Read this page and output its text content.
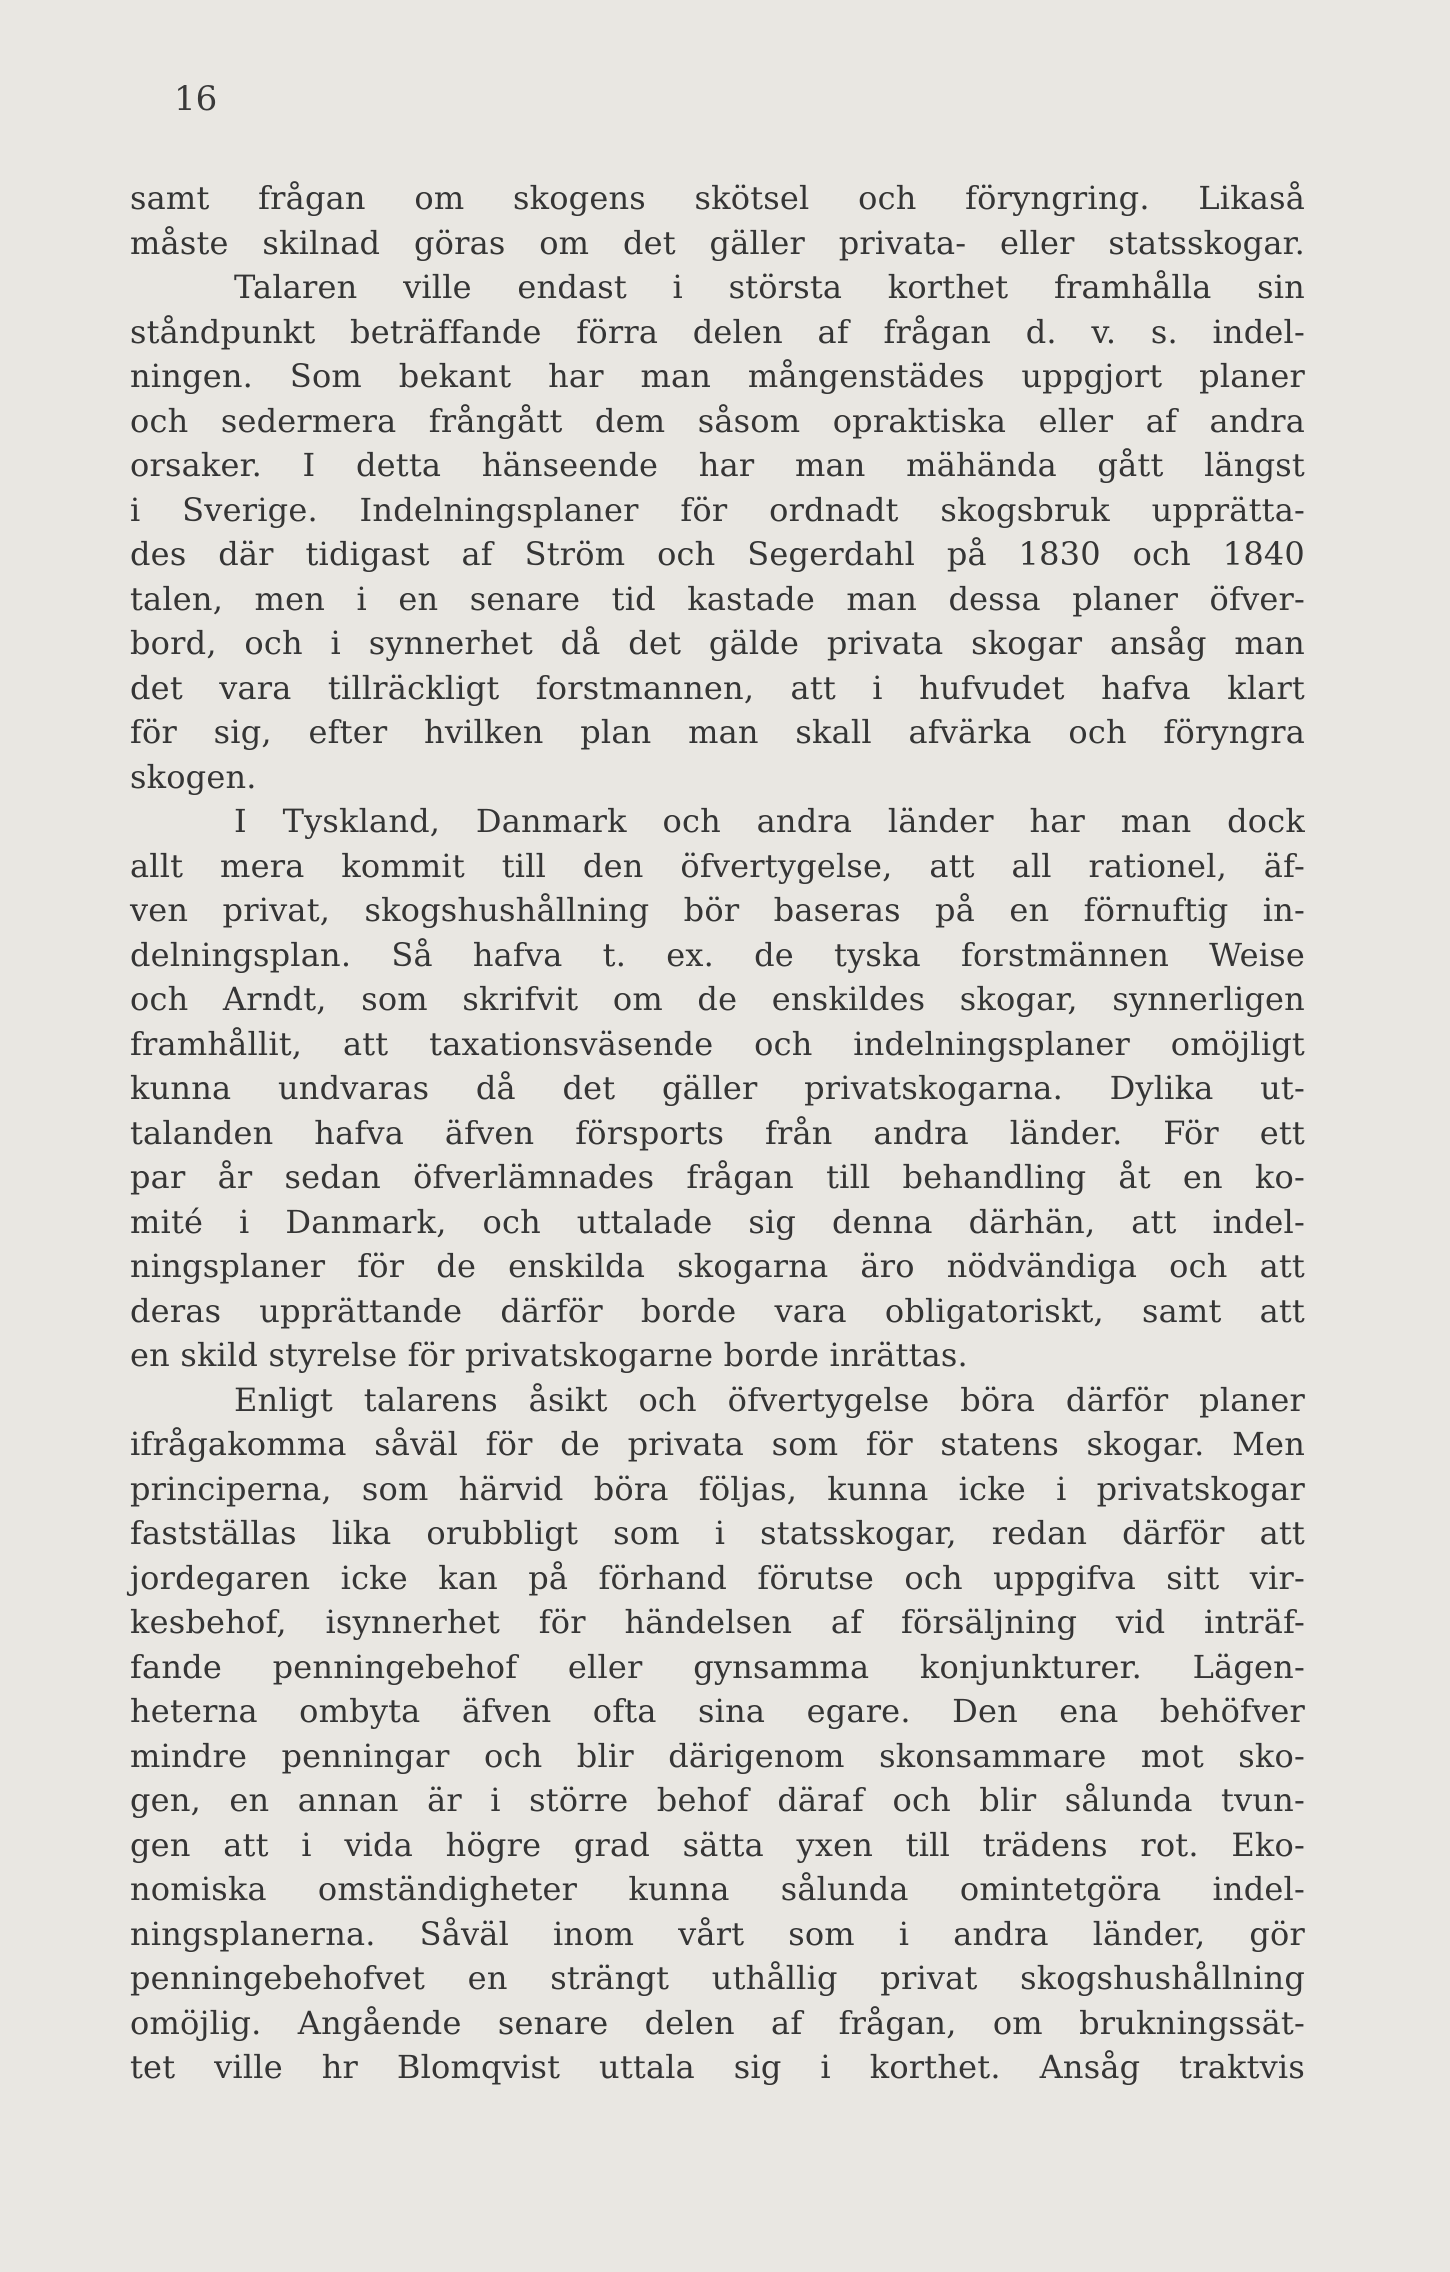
16
samt frågan om skogens skötsel och föryngring. Likaså
måste skilnad göras om det gäller privata- eller statsskogar.
Talaren ville endast i största korthet framhålla sin
ståndpunkt beträffande förra delen af frågan d. v. s. indel-
ningen. Som bekant har man mångenstädes uppgjort planer
och sedermera frångått dem såsom opraktiska eller af andra
orsaker. I detta hänseende har man mähända gått längst
i Sverige. Indelningsplaner för ordnadt skogsbruk upprätta-
des där tidigast af Ström och Segerdahl på 1830 och 1840
talen, men i en senare tid kastade man dessa planer öfver-
bord, och i synnerhet då det gälde privata skogar ansåg man
det vara tillräckligt forstmannen, att i hufvudet hafva klart
för sig, efter hvilken plan man skall afvärka och föryngra
skogen.
I Tyskland, Danmark och andra länder har man dock
allt mera kommit till den öfvertygelse, att all rationel, äf-
ven privat, skogshushållning bör baseras på en förnuftig in-
delningsplan. Så hafva t. ex. de tyska forstmännen Weise
och Arndt, som skrifvit om de enskildes skogar, synnerligen
framhållit, att taxationsväsende och indelningsplaner omöjligt
kunna undvaras då det gäller privatskogarna. Dylika ut-
talanden hafva äfven försports från andra länder. För ett
par år sedan öfverlämnades frågan till behandling åt en ko-
mité i Danmark, och uttalade sig denna därhän, att indel-
ningsplaner för de enskilda skogarna äro nödvändiga och att
deras upprättande därför borde vara obligatoriskt, samt att
en skild styrelse för privatskogarne borde inrättas.
Enligt talarens åsikt och öfvertygelse böra därför planer
ifrågakomma såväl för de privata som för statens skogar. Men
principerna, som härvid böra följas, kunna icke i privatskogar
fastställas lika orubbligt som i statsskogar, redan därför att
jordegaren icke kan på förhand förutse och uppgifva sitt vir-
kesbehof, isynnerhet för händelsen af försäljning vid inträf-
fande penningebehof eller gynsamma konjunkturer. Lägen-
heterna ombyta äfven ofta sina egare. Den ena behöfver
mindre penningar och blir därigenom skonsammare mot sko-
gen, en annan är i större behof däraf och blir sålunda tvun-
gen att i vida högre grad sätta yxen till trädens rot. Eko-
nomiska omständigheter kunna sålunda omintetgöra indel-
ningsplanerna. Såväl inom vårt som i andra länder, gör
penningebehofvet en strängt uthållig privat skogshushållning
omöjlig. Angående senare delen af frågan, om brukningssät-
tet ville hr Blomqvist uttala sig i korthet. Ansåg traktvis
